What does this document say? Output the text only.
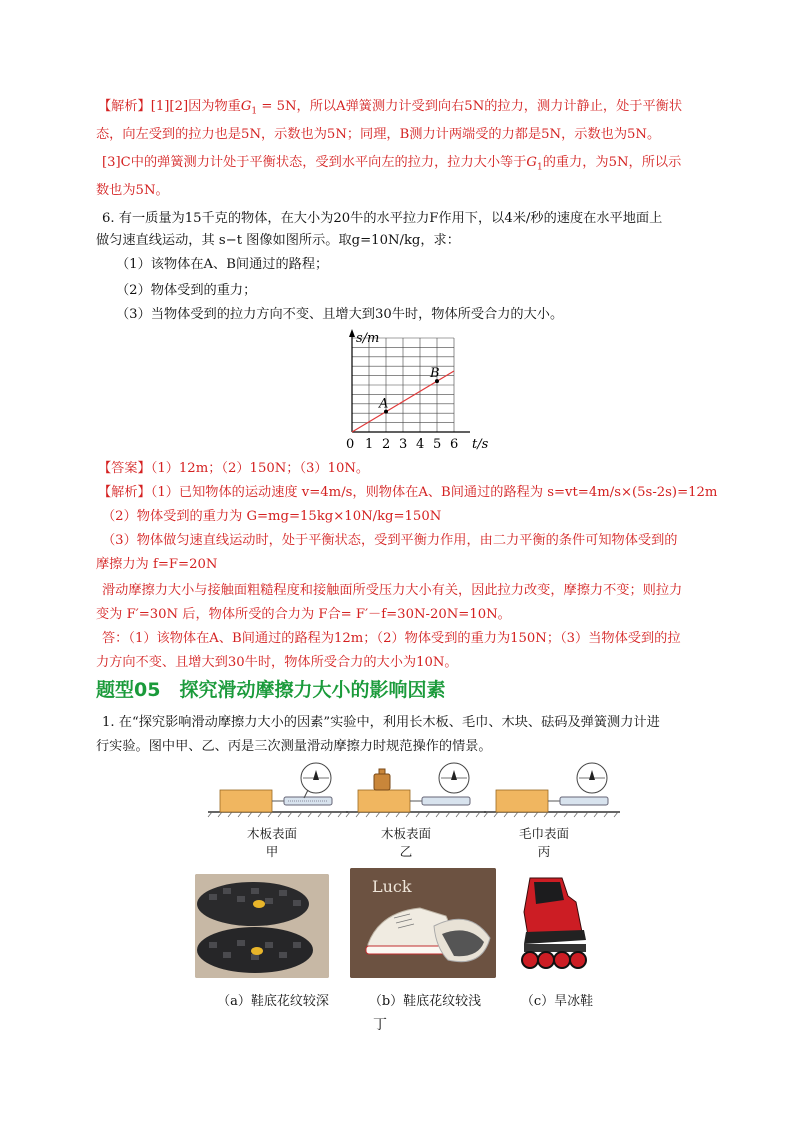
【解析】[1][2]因为物重$G_1 = 5N$，所以A弹簧测力计受到向右5N的拉力，测力计静止，处于平衡状
态，向左受到的拉力也是5N，示数也为5N；同理，B测力计两端受的力都是5N，示数也为5N。
[3]C中的弹簧测力计处于平衡状态，受到水平向左的拉力，拉力大小等于$G_1$的重力，为5N，所以示
数也为5N。
6. 有一质量为15千克的物体，在大小为20牛的水平拉力F作用下，以4米/秒的速度在水平地面上
做匀速直线运动，其 s−t 图像如图所示。取g=10N/kg，求：
（1）该物体在A、B间通过的路程；
（2）物体受到的重力；
（3）当物体受到的拉力方向不变、且增大到30牛时，物体所受合力的大小。
0 1 2 3 4 5 6
A
B
s/m
t/s
【答案】（1）12m；（2）150N；（3）10N。
【解析】（1）已知物体的运动速度 v=4m/s，则物体在A、B间通过的路程为 s=vt=4m/s×(5s-2s)=12m
（2）物体受到的重力为 G=mg=15kg×10N/kg=150N
（3）物体做匀速直线运动时，处于平衡状态，受到平衡力作用，由二力平衡的条件可知物体受到的
摩擦力为 f=F=20N
滑动摩擦力大小与接触面粗糙程度和接触面所受压力大小有关，因此拉力改变，摩擦力不变；则拉力
变为 F′=30N 后，物体所受的合力为 F合= F′－f=30N-20N=10N。
答：（1）该物体在A、B间通过的路程为12m；（2）物体受到的重力为150N；（3）当物体受到的拉
力方向不变、且增大到30牛时，物体所受合力的大小为10N。
题型05　探究滑动摩擦力大小的影响因素
1. 在“探究影响滑动摩擦力大小的因素”实验中，利用长木板、毛巾、木块、砝码及弹簧测力计进
行实验。图中甲、乙、丙是三次测量滑动摩擦力时规范操作的情景。
木板表面
甲
木板表面
乙
毛巾表面
丙
Luck
（a）鞋底花纹较深	（b）鞋底花纹较浅	（c）旱冰鞋
丁
